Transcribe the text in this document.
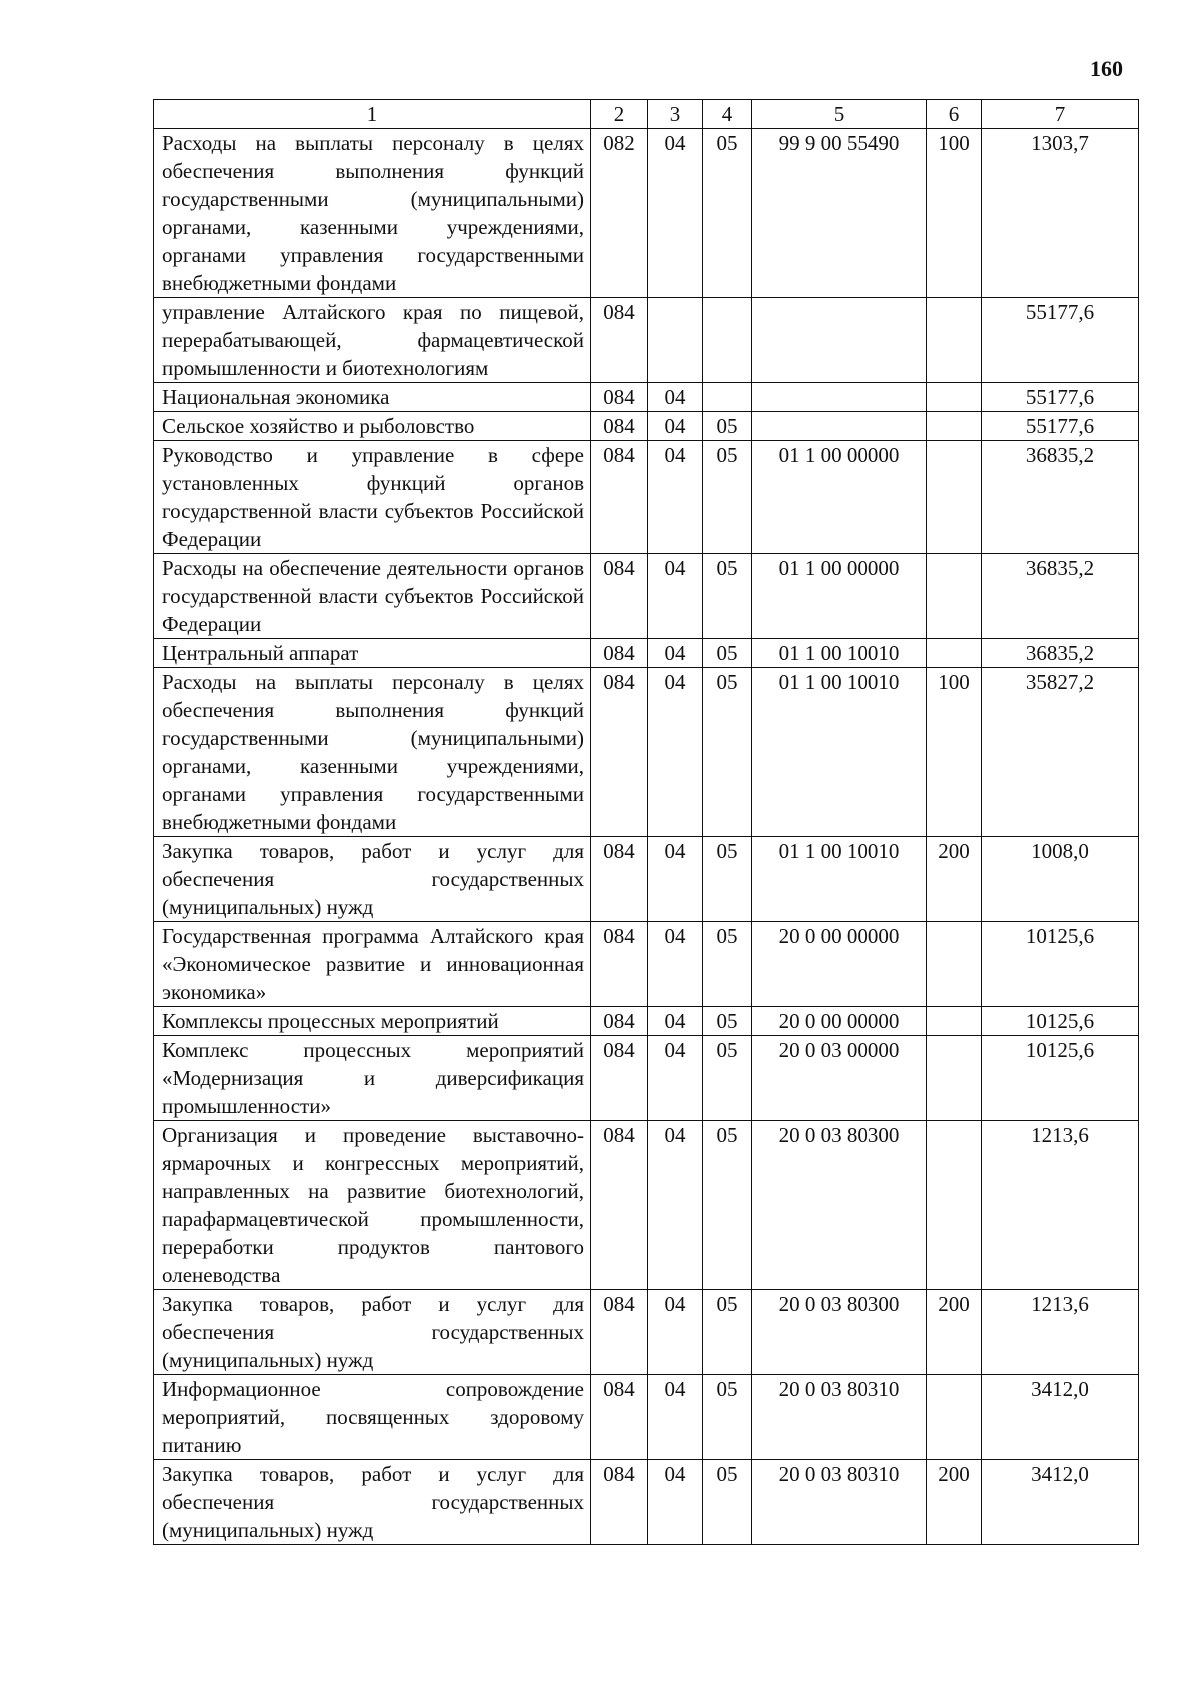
160
1	2	3	4	5	6	7
Расходы на выплаты персоналу в целях обеспечения выполнения функций государственными (муниципальными) органами, казенными учреждениями, органами управления государственными внебюджетными фондами	082	04	05	99 9 00 55490	100	1303,7
управление Алтайского края по пищевой, перерабатывающей, фармацевтической промышленности и биотехнологиям	084					55177,6
Национальная экономика	084	04				55177,6
Сельское хозяйство и рыболовство	084	04	05			55177,6
Руководство и управление в сфере установленных функций органов государственной власти субъектов Российской Федерации	084	04	05	01 1 00 00000		36835,2
Расходы на обеспечение деятельности органов государственной власти субъектов Российской Федерации	084	04	05	01 1 00 00000		36835,2
Центральный аппарат	084	04	05	01 1 00 10010		36835,2
Расходы на выплаты персоналу в целях обеспечения выполнения функций государственными (муниципальными) органами, казенными учреждениями, органами управления государственными внебюджетными фондами	084	04	05	01 1 00 10010	100	35827,2
Закупка товаров, работ и услуг для обеспечения государственных (муниципальных) нужд	084	04	05	01 1 00 10010	200	1008,0
Государственная программа Алтайского края «Экономическое развитие и инновационная экономика»	084	04	05	20 0 00 00000		10125,6
Комплексы процессных мероприятий	084	04	05	20 0 00 00000		10125,6
Комплекс процессных мероприятий «Модернизация и диверсификация промышленности»	084	04	05	20 0 03 00000		10125,6
Организация и проведение выставочно-ярмарочных и конгрессных мероприятий, направленных на развитие биотехнологий, парафармацевтической промышленности, переработки продуктов пантового оленеводства	084	04	05	20 0 03 80300		1213,6
Закупка товаров, работ и услуг для обеспечения государственных (муниципальных) нужд	084	04	05	20 0 03 80300	200	1213,6
Информационное сопровождение мероприятий, посвященных здоровому питанию	084	04	05	20 0 03 80310		3412,0
Закупка товаров, работ и услуг для обеспечения государственных (муниципальных) нужд	084	04	05	20 0 03 80310	200	3412,0
